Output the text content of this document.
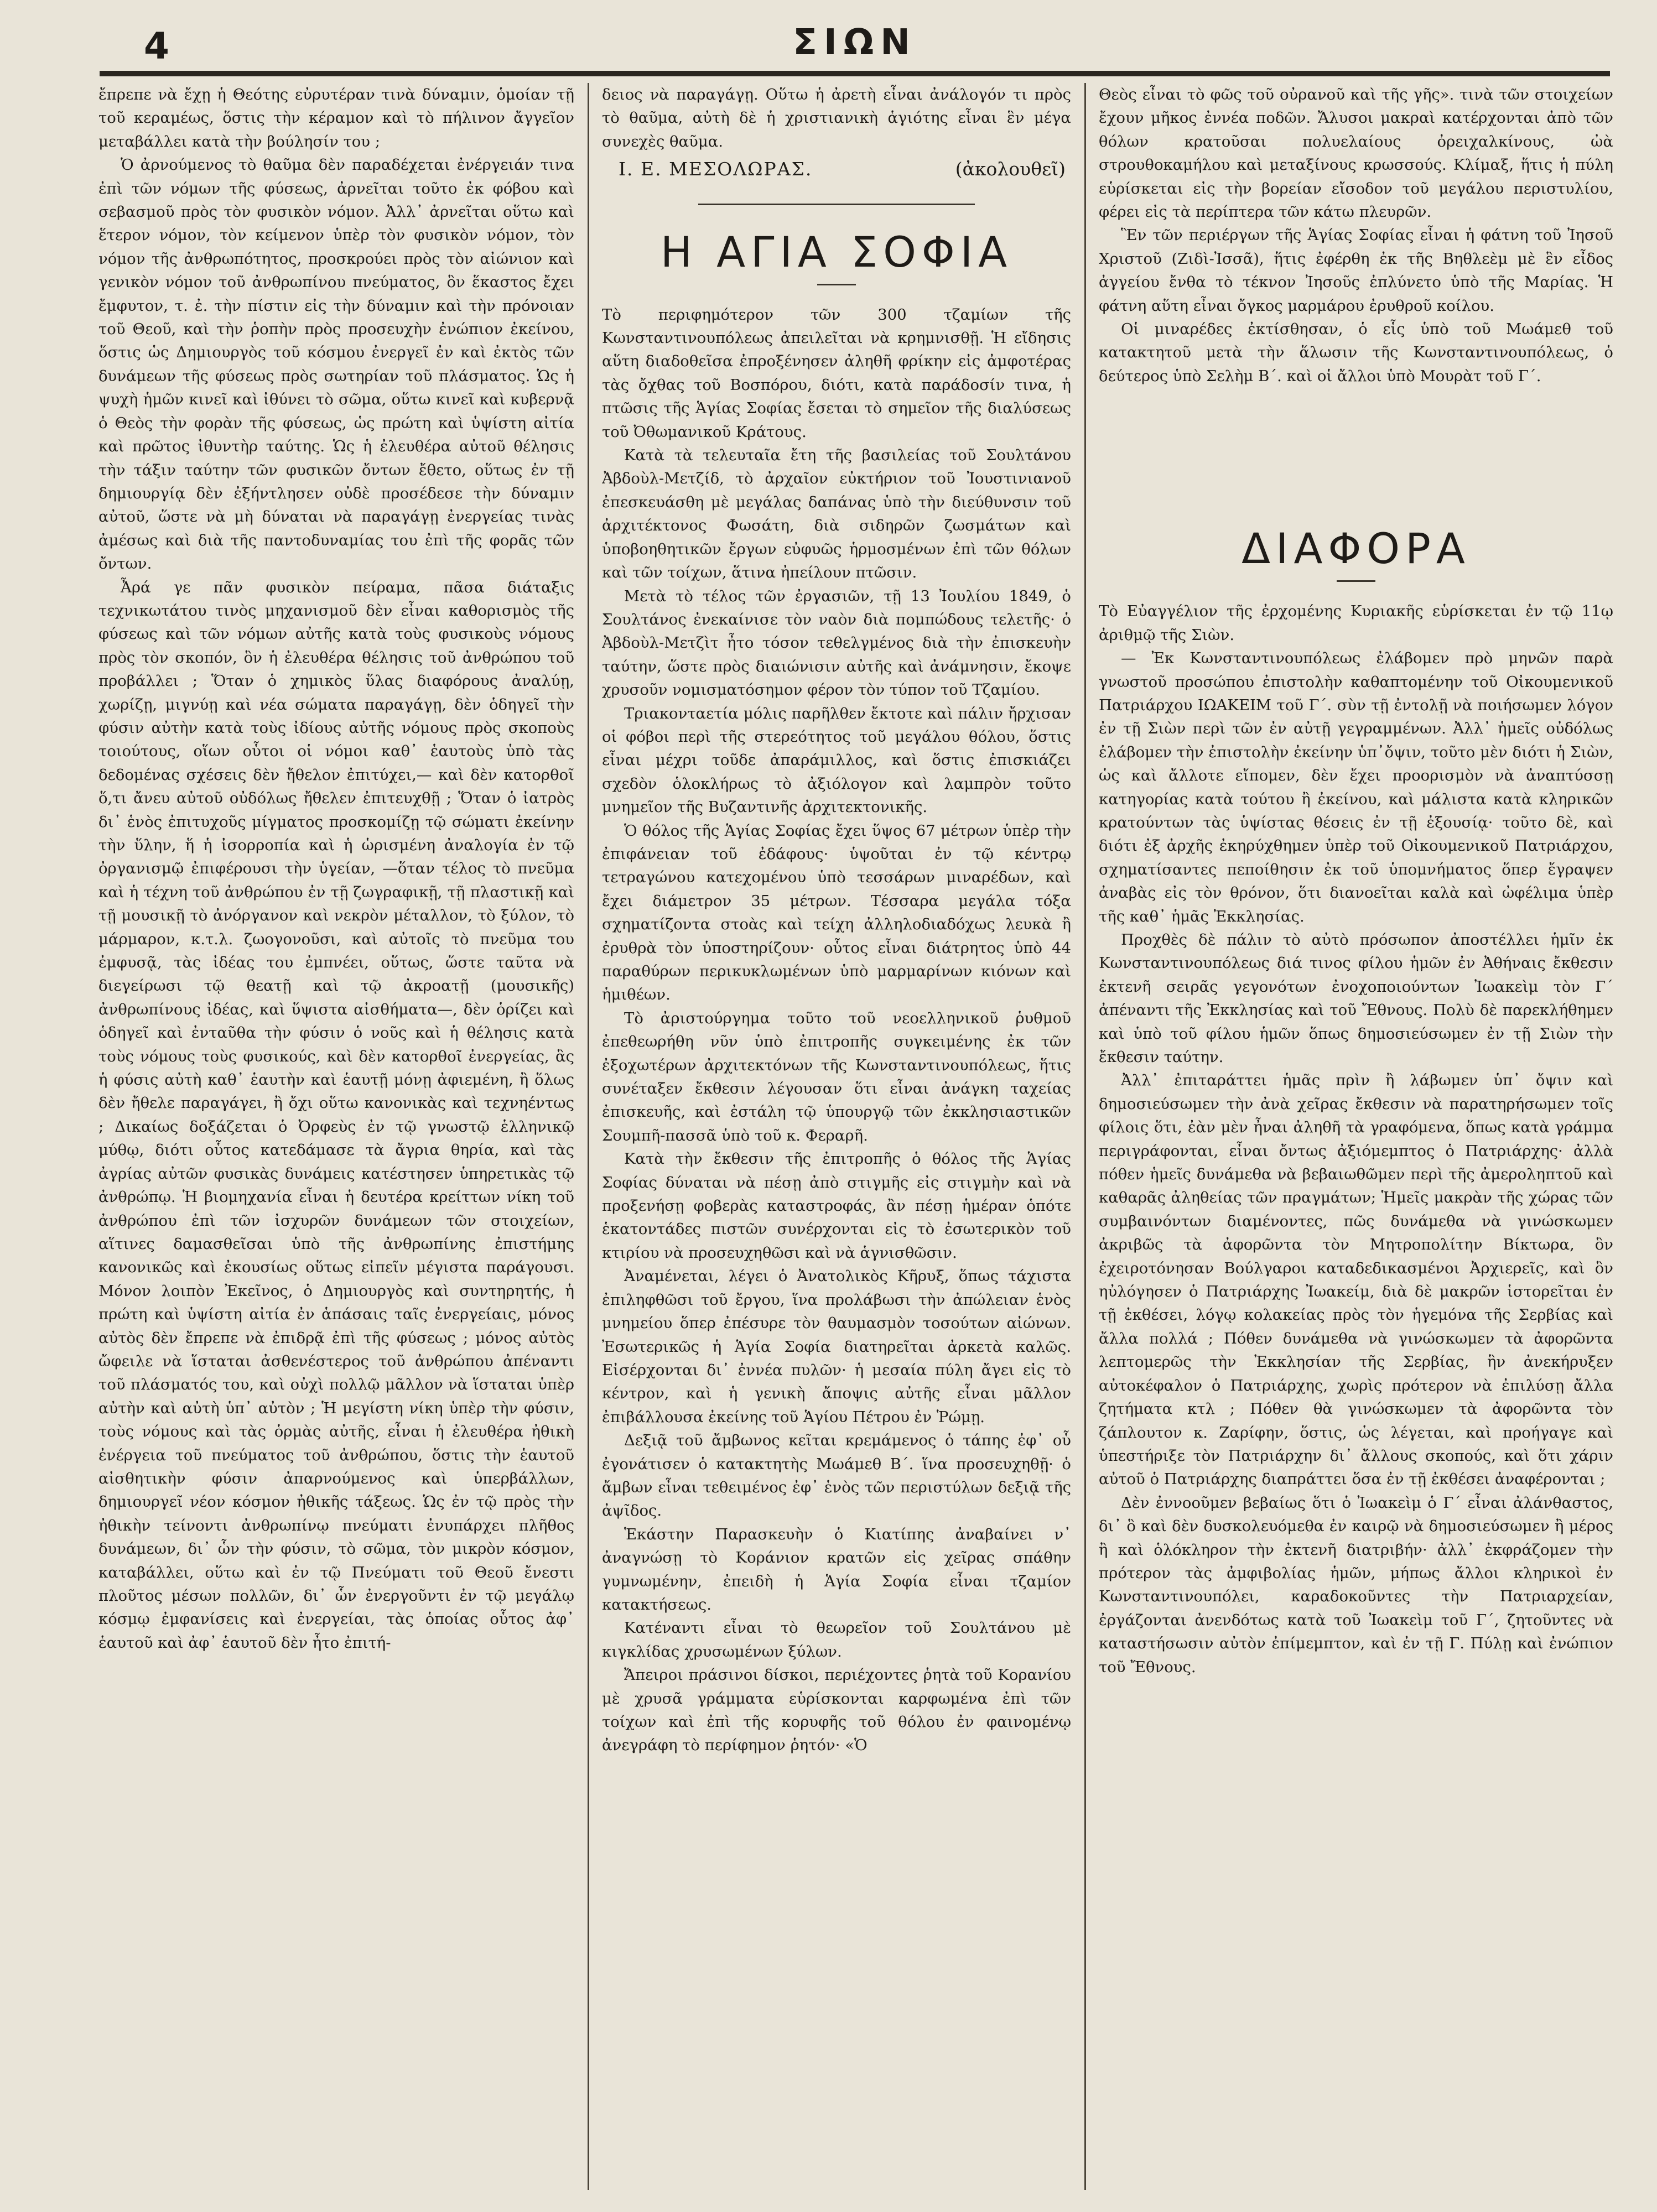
4	ΣΙΩΝ

ἔπρεπε νὰ ἔχῃ ἡ Θεότης εὐρυτέραν τινὰ δύναμιν, ὁμοίαν τῇ τοῦ κεραμέως, ὅστις τὴν κέραμον καὶ τὸ πήλινον ἄγγεῖον μεταβάλλει κατὰ τὴν βούλησίν του ;

Ὁ ἀρνούμενος τὸ θαῦμα δὲν παραδέχεται ἐνέργειάν τινα ἐπὶ τῶν νόμων τῆς φύσεως, ἀρνεῖται τοῦτο ἐκ φόβου καὶ σεβασμοῦ πρὸς τὸν φυσικὸν νόμον. Ἀλλ᾽ ἀρνεῖται οὕτω καὶ ἕτερον νόμον, τὸν κείμενον ὑπὲρ τὸν φυσικὸν νόμον, τὸν νόμον τῆς ἀνθρωπότητος, προσκρούει πρὸς τὸν αἰώνιον καὶ γενικὸν νόμον τοῦ ἀνθρωπίνου πνεύματος, ὃν ἕκαστος ἔχει ἔμφυτον, τ. ἐ. τὴν πίστιν εἰς τὴν δύναμιν καὶ τὴν πρόνοιαν τοῦ Θεοῦ, καὶ τὴν ῥοπὴν πρὸς προσευχὴν ἐνώπιον ἐκείνου, ὅστις ὡς Δημιουργὸς τοῦ κόσμου ἐνεργεῖ ἐν καὶ ἐκτὸς τῶν δυνάμεων τῆς φύσεως πρὸς σωτηρίαν τοῦ πλάσματος. Ὡς ἡ ψυχὴ ἡμῶν κινεῖ καὶ ἰθύνει τὸ σῶμα, οὕτω κινεῖ καὶ κυβερνᾷ ὁ Θεὸς τὴν φορὰν τῆς φύσεως, ὡς πρώτη καὶ ὑψίστη αἰτία καὶ πρῶτος ἰθυντὴρ ταύτης. Ὡς ἡ ἐλευθέρα αὐτοῦ θέλησις τὴν τάξιν ταύτην τῶν φυσικῶν ὄντων ἔθετο, οὕτως ἐν τῇ δημιουργίᾳ δὲν ἐξήντλησεν οὐδὲ προσέδεσε τὴν δύναμιν αὐτοῦ, ὥστε νὰ μὴ δύναται νὰ παραγάγῃ ἐνεργείας τινὰς ἀμέσως καὶ διὰ τῆς παντοδυναμίας του ἐπὶ τῆς φορᾶς τῶν ὄντων.

Ἆρά γε πᾶν φυσικὸν πείραμα, πᾶσα διάταξις τεχνικωτάτου τινὸς μηχανισμοῦ δὲν εἶναι καθορισμὸς τῆς φύσεως καὶ τῶν νόμων αὐτῆς κατὰ τοὺς φυσικοὺς νόμους πρὸς τὸν σκοπόν, ὃν ἡ ἐλευθέρα θέλησις τοῦ ἀνθρώπου τοῦ προβάλλει ; Ὅταν ὁ χημικὸς ὕλας διαφόρους ἀναλύῃ, χωρίζῃ, μιγνύῃ καὶ νέα σώματα παραγάγῃ, δὲν ὁδηγεῖ τὴν φύσιν αὐτὴν κατὰ τοὺς ἰδίους αὐτῆς νόμους πρὸς σκοποὺς τοιούτους, οἵων οὗτοι οἱ νόμοι καθ᾽ ἑαυτοὺς ὑπὸ τὰς δεδομένας σχέσεις δὲν ἤθελον ἐπιτύχει,— καὶ δὲν κατορθοῖ ὅ,τι ἄνευ αὐτοῦ οὐδόλως ἤθελεν ἐπιτευχθῇ ; Ὅταν ὁ ἰατρὸς δι᾽ ἑνὸς ἐπιτυχοῦς μίγματος προσκομίζῃ τῷ σώματι ἐκείνην τὴν ὕλην, ἥ ἡ ἰσορροπία καὶ ἡ ὡρισμένη ἀναλογία ἐν τῷ ὀργανισμῷ ἐπιφέρουσι τὴν ὑγείαν, —ὅταν τέλος τὸ πνεῦμα καὶ ἡ τέχνη τοῦ ἀνθρώπου ἐν τῇ ζωγραφικῇ, τῇ πλαστικῇ καὶ τῇ μουσικῇ τὸ ἀνόργανον καὶ νεκρὸν μέταλλον, τὸ ξύλον, τὸ μάρμαρον, κ.τ.λ. ζωογονοῦσι, καὶ αὐτοῖς τὸ πνεῦμα του ἐμφυσᾷ, τὰς ἰδέας του ἐμπνέει, οὕτως, ὥστε ταῦτα νὰ διεγείρωσι τῷ θεατῇ καὶ τῷ ἀκροατῇ (μουσικῆς) ἀνθρωπίνους ἰδέας, καὶ ὕψιστα αἰσθήματα—, δὲν ὁρίζει καὶ ὁδηγεῖ καὶ ἐνταῦθα τὴν φύσιν ὁ νοῦς καὶ ἡ θέλησις κατὰ τοὺς νόμους τοὺς φυσικούς, καὶ δὲν κατορθοῖ ἐνεργείας, ἃς ἡ φύσις αὐτὴ καθ᾽ ἑαυτὴν καὶ ἑαυτῇ μόνῃ ἀφιεμένη, ἢ ὅλως δὲν ἤθελε παραγάγει, ἢ ὄχι οὕτω κανονικὰς καὶ τεχνηέντως ; Δικαίως δοξάζεται ὁ Ὀρφεὺς ἐν τῷ γνωστῷ ἑλληνικῷ μύθῳ, διότι οὗτος κατεδάμασε τὰ ἄγρια θηρία, καὶ τὰς ἀγρίας αὐτῶν φυσικὰς δυνάμεις κατέστησεν ὑπηρετικὰς τῷ ἀνθρώπῳ. Ἡ βιομηχανία εἶναι ἡ δευτέρα κρείττων νίκη τοῦ ἀνθρώπου ἐπὶ τῶν ἰσχυρῶν δυνάμεων τῶν στοιχείων, αἵτινες δαμασθεῖσαι ὑπὸ τῆς ἀνθρωπίνης ἐπιστήμης κανονικῶς καὶ ἐκουσίως οὕτως εἰπεῖν μέγιστα παράγουσι. Μόνον λοιπὸν Ἐκεῖνος, ὁ Δημιουργὸς καὶ συντηρητής, ἡ πρώτη καὶ ὑψίστη αἰτία ἐν ἁπάσαις ταῖς ἐνεργείαις, μόνος αὐτὸς δὲν ἔπρεπε νὰ ἐπιδρᾷ ἐπὶ τῆς φύσεως ; μόνος αὐτὸς ὤφειλε νὰ ἵσταται ἀσθενέστερος τοῦ ἀνθρώπου ἀπέναντι τοῦ πλάσματός του, καὶ οὐχὶ πολλῷ μᾶλλον νὰ ἵσταται ὑπὲρ αὐτὴν καὶ αὐτὴ ὑπ᾽ αὐτὸν ; Ἡ μεγίστη νίκη ὑπὲρ τὴν φύσιν, τοὺς νόμους καὶ τὰς ὁρμὰς αὐτῆς, εἶναι ἡ ἐλευθέρα ἠθικὴ ἐνέργεια τοῦ πνεύματος τοῦ ἀνθρώπου, ὅστις τὴν ἑαυτοῦ αἰσθητικὴν φύσιν ἀπαρνούμενος καὶ ὑπερβάλλων, δημιουργεῖ νέον κόσμον ἠθικῆς τάξεως. Ὡς ἐν τῷ πρὸς τὴν ἠθικὴν τείνοντι ἀνθρωπίνῳ πνεύματι ἐνυπάρχει πλῆθος δυνάμεων, δι᾽ ὧν τὴν φύσιν, τὸ σῶμα, τὸν μικρὸν κόσμον, καταβάλλει, οὕτω καὶ ἐν τῷ Πνεύματι τοῦ Θεοῦ ἔνεστι πλοῦτος μέσων πολλῶν, δι᾽ ὧν ἐνεργοῦντι ἐν τῷ μεγάλῳ κόσμῳ ἐμφανίσεις καὶ ἐνεργείαι, τὰς ὁποίας οὗτος ἀφ᾽ ἑαυτοῦ καὶ ἀφ᾽ ἑαυτοῦ δὲν ἦτο ἐπιτή-

δειος νὰ παραγάγῃ. Οὕτω ἡ ἀρετὴ εἶναι ἀνάλογόν τι πρὸς τὸ θαῦμα, αὐτὴ δὲ ἡ χριστιανικὴ ἁγιότης εἶναι ἓν μέγα συνεχὲς θαῦμα.

Ι. Ε. ΜΕΣΟΛΩΡΑΣ.	(ἀκολουθεῖ)
Η ΑΓΙΑ ΣΟΦΙΑ

Τὸ περιφημότερον τῶν 300 τζαμίων τῆς Κωνσταντινουπόλεως ἀπειλεῖται νὰ κρημνισθῇ. Ἡ εἴδησις αὕτη διαδοθεῖσα ἐπροξένησεν ἀληθῆ φρίκην εἰς ἀμφοτέρας τὰς ὄχθας τοῦ Βοσπόρου, διότι, κατὰ παράδοσίν τινα, ἡ πτῶσις τῆς Ἁγίας Σοφίας ἔσεται τὸ σημεῖον τῆς διαλύσεως τοῦ Ὀθωμανικοῦ Κράτους.

Κατὰ τὰ τελευταῖα ἔτη τῆς βασιλείας τοῦ Σουλτάνου Ἀβδοὺλ-Μετζίδ, τὸ ἀρχαῖον εὐκτήριον τοῦ Ἰουστινιανοῦ ἐπεσκευάσθη μὲ μεγάλας δαπάνας ὑπὸ τὴν διεύθυνσιν τοῦ ἀρχιτέκτονος Φωσάτη, διὰ σιδηρῶν ζωσμάτων καὶ ὑποβοηθητικῶν ἔργων εὐφυῶς ἡρμοσμένων ἐπὶ τῶν θόλων καὶ τῶν τοίχων, ἅτινα ἠπείλουν πτῶσιν.

Μετὰ τὸ τέλος τῶν ἐργασιῶν, τῇ 13 Ἰουλίου 1849, ὁ Σουλτάνος ἐνεκαίνισε τὸν ναὸν διὰ πομπώδους τελετῆς· ὁ Ἀβδοὺλ-Μετζὶτ ἦτο τόσον τεθελγμένος διὰ τὴν ἐπισκευὴν ταύτην, ὥστε πρὸς διαιώνισιν αὐτῆς καὶ ἀνάμνησιν, ἔκοψε χρυσοῦν νομισματόσημον φέρον τὸν τύπον τοῦ Τζαμίου.

Τριακονταετία μόλις παρῆλθεν ἔκτοτε καὶ πάλιν ἤρχισαν οἱ φόβοι περὶ τῆς στερεότητος τοῦ μεγάλου θόλου, ὅστις εἶναι μέχρι τοῦδε ἀπαράμιλλος, καὶ ὅστις ἐπισκιάζει σχεδὸν ὁλοκλήρως τὸ ἀξιόλογον καὶ λαμπρὸν τοῦτο μνημεῖον τῆς Βυζαντινῆς ἀρχιτεκτονικῆς.

Ὁ θόλος τῆς Ἁγίας Σοφίας ἔχει ὕψος 67 μέτρων ὑπὲρ τὴν ἐπιφάνειαν τοῦ ἐδάφους· ὑψοῦται ἐν τῷ κέντρῳ τετραγώνου κατεχομένου ὑπὸ τεσσάρων μιναρέδων, καὶ ἔχει διάμετρον 35 μέτρων. Τέσσαρα μεγάλα τόξα σχηματίζοντα στοὰς καὶ τείχη ἀλληλοδιαδόχως λευκὰ ἢ ἐρυθρὰ τὸν ὑποστηρίζουν· οὗτος εἶναι διάτρητος ὑπὸ 44 παραθύρων περικυκλωμένων ὑπὸ μαρμαρίνων κιόνων καὶ ἡμιθέων.

Τὸ ἀριστούργημα τοῦτο τοῦ νεοελληνικοῦ ῥυθμοῦ ἐπεθεωρήθη νῦν ὑπὸ ἐπιτροπῆς συγκειμένης ἐκ τῶν ἐξοχωτέρων ἀρχιτεκτόνων τῆς Κωνσταντινουπόλεως, ἥτις συνέταξεν ἔκθεσιν λέγουσαν ὅτι εἶναι ἀνάγκη ταχείας ἐπισκευῆς, καὶ ἐστάλη τῷ ὑπουργῷ τῶν ἐκκλησιαστικῶν Σουμπῆ-πασσᾶ ὑπὸ τοῦ κ. Φεραρῆ.

Κατὰ τὴν ἔκθεσιν τῆς ἐπιτροπῆς ὁ θόλος τῆς Ἁγίας Σοφίας δύναται νὰ πέσῃ ἀπὸ στιγμῆς εἰς στιγμὴν καὶ νὰ προξενήσῃ φοβερὰς καταστροφάς, ἂν πέσῃ ἡμέραν ὁπότε ἑκατοντάδες πιστῶν συνέρχονται εἰς τὸ ἐσωτερικὸν τοῦ κτιρίου νὰ προσευχηθῶσι καὶ νὰ ἁγνισθῶσιν.

Ἀναμένεται, λέγει ὁ Ἀνατολικὸς Κῆρυξ, ὅπως τάχιστα ἐπιληφθῶσι τοῦ ἔργου, ἵνα προλάβωσι τὴν ἀπώλειαν ἑνὸς μνημείου ὅπερ ἐπέσυρε τὸν θαυμασμὸν τοσούτων αἰώνων. Ἐσωτερικῶς ἡ Ἁγία Σοφία διατηρεῖται ἀρκετὰ καλῶς. Εἰσέρχονται δι᾽ ἐννέα πυλῶν· ἡ μεσαία πύλη ἄγει εἰς τὸ κέντρον, καὶ ἡ γενικὴ ἄποψις αὐτῆς εἶναι μᾶλλον ἐπιβάλλουσα ἐκείνης τοῦ Ἁγίου Πέτρου ἐν Ῥώμῃ.

Δεξιᾷ τοῦ ἄμβωνος κεῖται κρεμάμενος ὁ τάπης ἐφ᾽ οὗ ἐγονάτισεν ὁ κατακτητὴς Μωάμεθ Β΄. ἵνα προσευχηθῇ· ὁ ἄμβων εἶναι τεθειμένος ἐφ᾽ ἑνὸς τῶν περιστύλων δεξιᾷ τῆς ἀψῖδος.

Ἑκάστην Παρασκευὴν ὁ Κιατίπης ἀναβαίνει ν᾽ ἀναγνώσῃ τὸ Κοράνιον κρατῶν εἰς χεῖρας σπάθην γυμνωμένην, ἐπειδὴ ἡ Ἁγία Σοφία εἶναι τζαμίον κατακτήσεως.

Κατέναντι εἶναι τὸ θεωρεῖον τοῦ Σουλτάνου μὲ κιγκλίδας χρυσωμένων ξύλων.

Ἄπειροι πράσινοι δίσκοι, περιέχοντες ῥητὰ τοῦ Κορανίου μὲ χρυσᾶ γράμματα εὑρίσκονται καρφωμένα ἐπὶ τῶν τοίχων καὶ ἐπὶ τῆς κορυφῆς τοῦ θόλου ἐν φαινομένῳ ἀνεγράφη τὸ περίφημον ῥητόν· «Ὁ

Θεὸς εἶναι τὸ φῶς τοῦ οὐρανοῦ καὶ τῆς γῆς». τινὰ τῶν στοιχείων ἔχουν μῆκος ἐννέα ποδῶν. Ἄλυσοι μακραὶ κατέρχονται ἀπὸ τῶν θόλων κρατοῦσαι πολυελαίους ὀρειχαλκίνους, ὠὰ στρουθοκαμήλου καὶ μεταξίνους κρωσσούς. Κλίμαξ, ἥτις ἡ πύλη εὑρίσκεται εἰς τὴν βορείαν εἴσοδον τοῦ μεγάλου περιστυλίου, φέρει εἰς τὰ περίπτερα τῶν κάτω πλευρῶν.

Ἓν τῶν περιέργων τῆς Ἁγίας Σοφίας εἶναι ἡ φάτνη τοῦ Ἰησοῦ Χριστοῦ (Ζιδὶ-Ἰσσᾶ), ἥτις ἐφέρθη ἐκ τῆς Βηθλεὲμ μὲ ἓν εἶδος ἀγγείου ἔνθα τὸ τέκνον Ἰησοῦς ἐπλύνετο ὑπὸ τῆς Μαρίας. Ἡ φάτνη αὕτη εἶναι ὄγκος μαρμάρου ἐρυθροῦ κοίλου.

Οἱ μιναρέδες ἐκτίσθησαν, ὁ εἷς ὑπὸ τοῦ Μωάμεθ τοῦ κατακτητοῦ μετὰ τὴν ἅλωσιν τῆς Κωνσταντινουπόλεως, ὁ δεύτερος ὑπὸ Σελὴμ Β΄. καὶ οἱ ἄλλοι ὑπὸ Μουρὰτ τοῦ Γ΄.

ΔΙΑΦΟΡΑ

Τὸ Εὐαγγέλιον τῆς ἐρχομένης Κυριακῆς εὑρίσκεται ἐν τῷ 11ῳ ἀριθμῷ τῆς Σιὼν.

— Ἐκ Κωνσταντινουπόλεως ἐλάβομεν πρὸ μηνῶν παρὰ γνωστοῦ προσώπου ἐπιστολὴν καθαπτομένην τοῦ Οἰκουμενικοῦ Πατριάρχου ΙΩΑΚΕΙΜ τοῦ Γ΄. σὺν τῇ ἐντολῇ νὰ ποιήσωμεν λόγον ἐν τῇ Σιὼν περὶ τῶν ἐν αὐτῇ γεγραμμένων. Ἀλλ᾽ ἡμεῖς οὐδόλως ἐλάβομεν τὴν ἐπιστολὴν ἐκείνην ὑπ᾽ὄψιν, τοῦτο μὲν διότι ἡ Σιὼν, ὡς καὶ ἄλλοτε εἴπομεν, δὲν ἔχει προορισμὸν νὰ ἀναπτύσσῃ κατηγορίας κατὰ τούτου ἢ ἐκείνου, καὶ μάλιστα κατὰ κληρικῶν κρατούντων τὰς ὑψίστας θέσεις ἐν τῇ ἐξουσίᾳ· τοῦτο δὲ, καὶ διότι ἐξ ἀρχῆς ἐκηρύχθημεν ὑπὲρ τοῦ Οἰκουμενικοῦ Πατριάρχου, σχηματίσαντες πεποίθησιν ἐκ τοῦ ὑπομνήματος ὅπερ ἔγραψεν ἀναβὰς εἰς τὸν θρόνον, ὅτι διανοεῖται καλὰ καὶ ὠφέλιμα ὑπὲρ τῆς καθ᾽ ἡμᾶς Ἐκκλησίας.

Προχθὲς δὲ πάλιν τὸ αὐτὸ πρόσωπον ἀποστέλλει ἡμῖν ἐκ Κωνσταντινουπόλεως διά τινος φίλου ἡμῶν ἐν Ἀθήναις ἔκθεσιν ἐκτενῆ σειρᾶς γεγονότων ἐνοχοποιούντων Ἰωακεὶμ τὸν Γ΄ ἀπέναντι τῆς Ἐκκλησίας καὶ τοῦ Ἔθνους. Πολὺ δὲ παρεκλήθημεν καὶ ὑπὸ τοῦ φίλου ἡμῶν ὅπως δημοσιεύσωμεν ἐν τῇ Σιὼν τὴν ἔκθεσιν ταύτην.

Ἀλλ᾽ ἐπιταράττει ἡμᾶς πρὶν ἢ λάβωμεν ὑπ᾽ ὄψιν καὶ δημοσιεύσωμεν τὴν ἀνὰ χεῖρας ἔκθεσιν νὰ παρατηρήσωμεν τοῖς φίλοις ὅτι, ἐὰν μὲν ἦναι ἀληθῆ τὰ γραφόμενα, ὅπως κατὰ γράμμα περιγράφονται, εἶναι ὄντως ἀξιόμεμπτος ὁ Πατριάρχης· ἀλλὰ πόθεν ἡμεῖς δυνάμεθα νὰ βεβαιωθῶμεν περὶ τῆς ἀμεροληπτοῦ καὶ καθαρᾶς ἀληθείας τῶν πραγμάτων; Ἡμεῖς μακρὰν τῆς χώρας τῶν συμβαινόντων διαμένοντες, πῶς δυνάμεθα νὰ γινώσκωμεν ἀκριβῶς τὰ ἀφορῶντα τὸν Μητροπολίτην Βίκτωρα, ὃν ἐχειροτόνησαν Βούλγαροι καταδεδικασμένοι Ἀρχιερεῖς, καὶ ὃν ηὐλόγησεν ὁ Πατριάρχης Ἰωακείμ, διὰ δὲ μακρῶν ἱστορεῖται ἐν τῇ ἐκθέσει, λόγῳ κολακείας πρὸς τὸν ἡγεμόνα τῆς Σερβίας καὶ ἄλλα πολλά ; Πόθεν δυνάμεθα νὰ γινώσκωμεν τὰ ἀφορῶντα λεπτομερῶς τὴν Ἐκκλησίαν τῆς Σερβίας, ἣν ἀνεκήρυξεν αὐτοκέφαλον ὁ Πατριάρχης, χωρὶς πρότερον νὰ ἐπιλύσῃ ἄλλα ζητήματα κτλ ; Πόθεν θὰ γινώσκωμεν τὰ ἀφορῶντα τὸν ζάπλουτον κ. Ζαρίφην, ὅστις, ὡς λέγεται, καὶ προήγαγε καὶ ὑπεστήριξε τὸν Πατριάρχην δι᾽ ἄλλους σκοπούς, καὶ ὅτι χάριν αὐτοῦ ὁ Πατριάρχης διαπράττει ὅσα ἐν τῇ ἐκθέσει ἀναφέρονται ;

Δὲν ἐννοοῦμεν βεβαίως ὅτι ὁ Ἰωακεὶμ ὁ Γ΄ εἶναι ἀλάνθαστος, δι᾽ ὃ καὶ δὲν δυσκολευόμεθα ἐν καιρῷ νὰ δημοσιεύσωμεν ἢ μέρος ἢ καὶ ὁλόκληρον τὴν ἐκτενῆ διατριβήν· ἀλλ᾽ ἐκφράζομεν τὴν πρότερον τὰς ἀμφιβολίας ἡμῶν, μήπως ἄλλοι κληρικοὶ ἐν Κωνσταντινουπόλει, καραδοκοῦντες τὴν Πατριαρχείαν, ἐργάζονται ἀνενδότως κατὰ τοῦ Ἰωακεὶμ τοῦ Γ΄, ζητοῦντες νὰ καταστήσωσιν αὐτὸν ἐπίμεμπτον, καὶ ἐν τῇ Γ. Πύλῃ καὶ ἐνώπιον τοῦ Ἔθνους.
